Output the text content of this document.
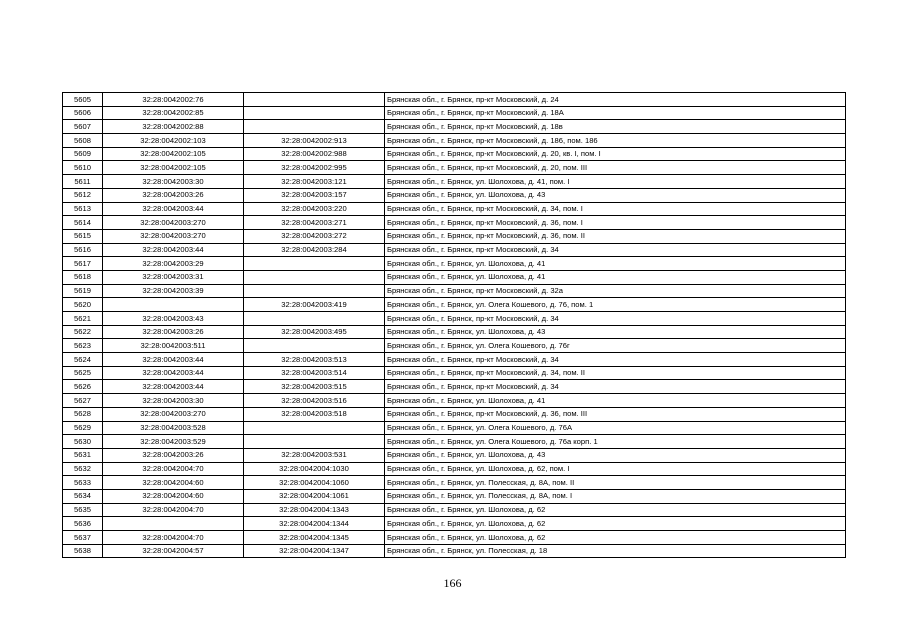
5605	32:28:0042002:76		Брянская обл., г. Брянск, пр-кт Московский, д. 24
5606	32:28:0042002:85		Брянская обл., г. Брянск, пр-кт Московский, д. 18А
5607	32:28:0042002:88		Брянская обл., г. Брянск, пр-кт Московский, д. 18в
5608	32:28:0042002:103	32:28:0042002:913	Брянская обл., г. Брянск, пр-кт Московский, д. 186, пом. 186
5609	32:28:0042002:105	32:28:0042002:988	Брянская обл., г. Брянск, пр-кт Московский, д. 20, кв. I, пом. I
5610	32:28:0042002:105	32:28:0042002:995	Брянская обл., г. Брянск, пр-кт Московский, д. 20, пом. III
5611	32:28:0042003:30	32:28:0042003:121	Брянская обл., г. Брянск, ул. Шолохова, д. 41, пом. I
5612	32:28:0042003:26	32:28:0042003:157	Брянская обл., г. Брянск, ул. Шолохова, д. 43
5613	32:28:0042003:44	32:28:0042003:220	Брянская обл., г. Брянск, пр-кт Московский, д. 34, пом. I
5614	32:28:0042003:270	32:28:0042003:271	Брянская обл., г. Брянск, пр-кт Московский, д. 36, пом. I
5615	32:28:0042003:270	32:28:0042003:272	Брянская обл., г. Брянск, пр-кт Московский, д. 36, пом. II
5616	32:28:0042003:44	32:28:0042003:284	Брянская обл., г. Брянск, пр-кт Московский, д. 34
5617	32:28:0042003:29		Брянская обл., г. Брянск, ул. Шолохова, д. 41
5618	32:28:0042003:31		Брянская обл., г. Брянск, ул. Шолохова, д. 41
5619	32:28:0042003:39		Брянская обл., г. Брянск, пр-кт Московский, д. 32а
5620		32:28:0042003:419	Брянская обл., г. Брянск, ул. Олега Кошевого, д. 76, пом. 1
5621	32:28:0042003:43		Брянская обл., г. Брянск, пр-кт Московский, д. 34
5622	32:28:0042003:26	32:28:0042003:495	Брянская обл., г. Брянск, ул. Шолохова, д. 43
5623	32:28:0042003:511		Брянская обл., г. Брянск, ул. Олега Кошевого, д. 76г
5624	32:28:0042003:44	32:28:0042003:513	Брянская обл., г. Брянск, пр-кт Московский, д. 34
5625	32:28:0042003:44	32:28:0042003:514	Брянская обл., г. Брянск, пр-кт Московский, д. 34, пом. II
5626	32:28:0042003:44	32:28:0042003:515	Брянская обл., г. Брянск, пр-кт Московский, д. 34
5627	32:28:0042003:30	32:28:0042003:516	Брянская обл., г. Брянск, ул. Шолохова, д. 41
5628	32:28:0042003:270	32:28:0042003:518	Брянская обл., г. Брянск, пр-кт Московский, д. 36, пом. III
5629	32:28:0042003:528		Брянская обл., г. Брянск, ул. Олега Кошевого, д. 76А
5630	32:28:0042003:529		Брянская обл., г. Брянск, ул. Олега Кошевого, д. 76а корп. 1
5631	32:28:0042003:26	32:28:0042003:531	Брянская обл., г. Брянск, ул. Шолохова, д. 43
5632	32:28:0042004:70	32:28:0042004:1030	Брянская обл., г. Брянск, ул. Шолохова, д. 62, пом. I
5633	32:28:0042004:60	32:28:0042004:1060	Брянская обл., г. Брянск, ул. Полесская, д. 8А, пом. II
5634	32:28:0042004:60	32:28:0042004:1061	Брянская обл., г. Брянск, ул. Полесская, д. 8А, пом. I
5635	32:28:0042004:70	32:28:0042004:1343	Брянская обл., г. Брянск, ул. Шолохова, д. 62
5636		32:28:0042004:1344	Брянская обл., г. Брянск, ул. Шолохова, д. 62
5637	32:28:0042004:70	32:28:0042004:1345	Брянская обл., г. Брянск, ул. Шолохова, д. 62
5638	32:28:0042004:57	32:28:0042004:1347	Брянская обл., г. Брянск, ул. Полесская, д. 18
166
